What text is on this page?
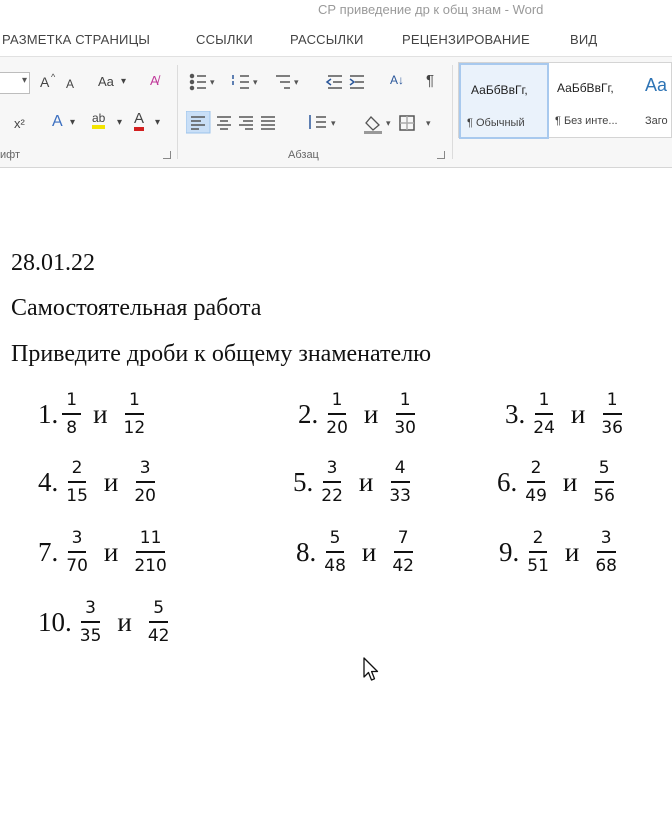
СР приведение др к общ знам - Word
РАЗМЕТКА СТРАНИЦЫ	ССЫЛКИ	РАССЫЛКИ	РЕЦЕНЗИРОВАНИЕ	ВИД
▾ A ^ A Aa ▾ A̸
x² A ▾ ab ▾ A ▾
ифт
▾	▾	▾	A↓ ¶
▾	▾	▾
Абзац
АаБбВвГг,
¶ Обычный
АаБбВвГг,
¶ Без инте...
Aa
Заго
28.01.22
Самостоятельная работа
Приведите дроби к общему знаменателю
1. $\frac{1}{8}$ и $\frac{1}{12}$	2. $\frac{1}{20}$ и $\frac{1}{30}$	3. $\frac{1}{24}$ и $\frac{1}{36}$
4. $\frac{2}{15}$ и $\frac{3}{20}$	5. $\frac{3}{22}$ и $\frac{4}{33}$	6. $\frac{2}{49}$ и $\frac{5}{56}$
7. $\frac{3}{70}$ и $\frac{11}{210}$	8. $\frac{5}{48}$ и $\frac{7}{42}$	9. $\frac{2}{51}$ и $\frac{3}{68}$
10. $\frac{3}{35}$ и $\frac{5}{42}$
10:27
